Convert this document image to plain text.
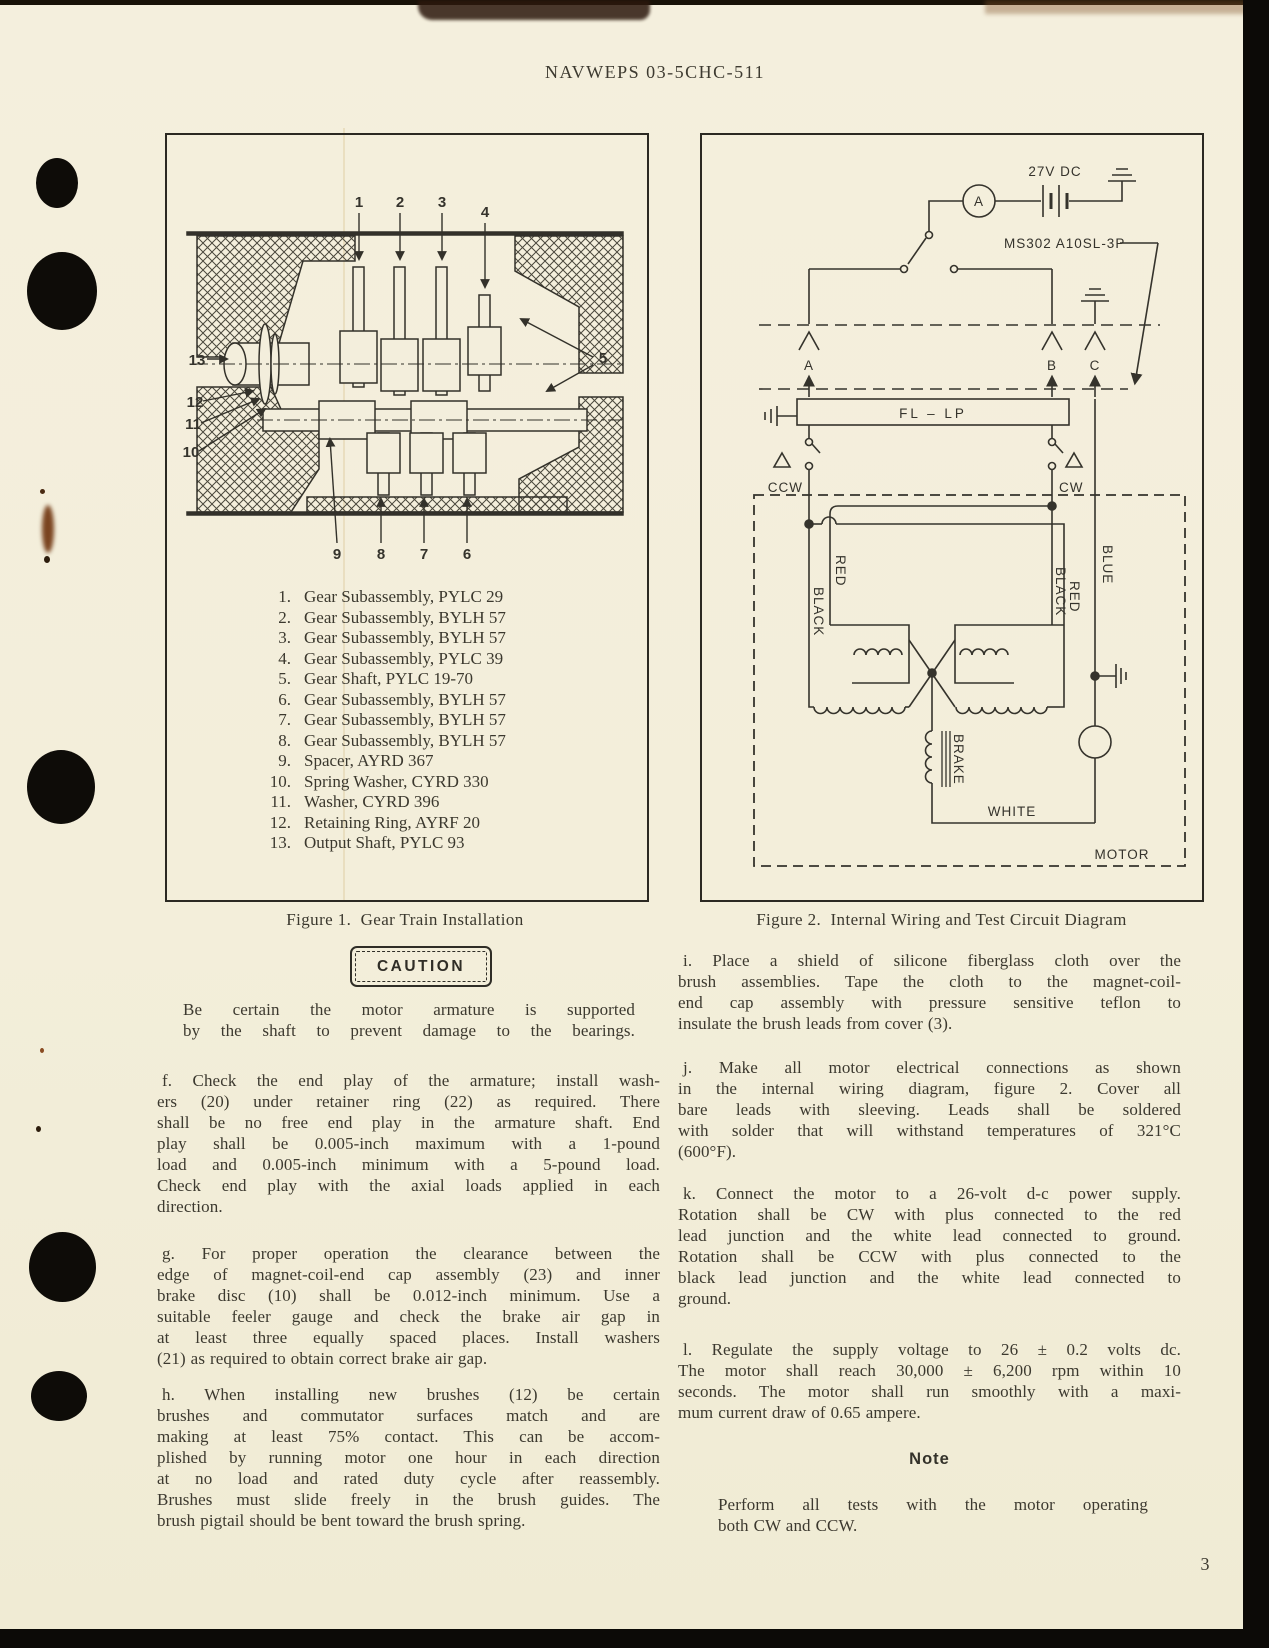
NAVWEPS 03-5CHC-511
1 2 3
4
5
6
7
8
9
10
11
12
13
1. Gear Subassembly, PYLC 29
2. Gear Subassembly, BYLH 57
3. Gear Subassembly, BYLH 57
4. Gear Subassembly, PYLC 39
5. Gear Shaft, PYLC 19-70
6. Gear Subassembly, BYLH 57
7. Gear Subassembly, BYLH 57
8. Gear Subassembly, BYLH 57
9. Spacer, AYRD 367
10. Spring Washer, CYRD 330
11. Washer, CYRD 396
12. Retaining Ring, AYRF 20
13. Output Shaft, PYLC 93
Figure 1.  Gear Train Installation
A
27V DC
MS302 A10SL-3P
A	B C
FL – LP
CCW	CW
RED
BLACK	BLACK RED
BLUE
BRAKE
WHITE
MOTOR
Figure 2.  Internal Wiring and Test Circuit Diagram
CAUTION
Be certain the motor armature is supported
by the shaft to prevent damage to the bearings.
f. Check the end play of the armature; install wash-
ers (20) under retainer ring (22) as required. There
shall be no free end play in the armature shaft. End
play shall be 0.005-inch maximum with a 1-pound
load and 0.005-inch minimum with a 5-pound load.
Check end play with the axial loads applied in each
direction.
g. For proper operation the clearance between the
edge of magnet-coil-end cap assembly (23) and inner
brake disc (10) shall be 0.012-inch minimum. Use a
suitable feeler gauge and check the brake air gap in
at least three equally spaced places. Install washers
(21) as required to obtain correct brake air gap.
h. When installing new brushes (12) be certain
brushes and commutator surfaces match and are
making at least 75% contact. This can be accom-
plished by running motor one hour in each direction
at no load and rated duty cycle after reassembly.
Brushes must slide freely in the brush guides. The
brush pigtail should be bent toward the brush spring.
i. Place a shield of silicone fiberglass cloth over the
brush assemblies. Tape the cloth to the magnet-coil-
end cap assembly with pressure sensitive teflon to
insulate the brush leads from cover (3).
j. Make all motor electrical connections as shown
in the internal wiring diagram, figure 2. Cover all
bare leads with sleeving. Leads shall be soldered
with solder that will withstand temperatures of 321°C
(600°F).
k. Connect the motor to a 26-volt d-c power supply.
Rotation shall be CW with plus connected to the red
lead junction and the white lead connected to ground.
Rotation shall be CCW with plus connected to the
black lead junction and the white lead connected to
ground.
l. Regulate the supply voltage to 26 ± 0.2 volts dc.
The motor shall reach 30,000 ± 6,200 rpm within 10
seconds. The motor shall run smoothly with a maxi-
mum current draw of 0.65 ampere.
Note
Perform all tests with the motor operating
both CW and CCW.
3
